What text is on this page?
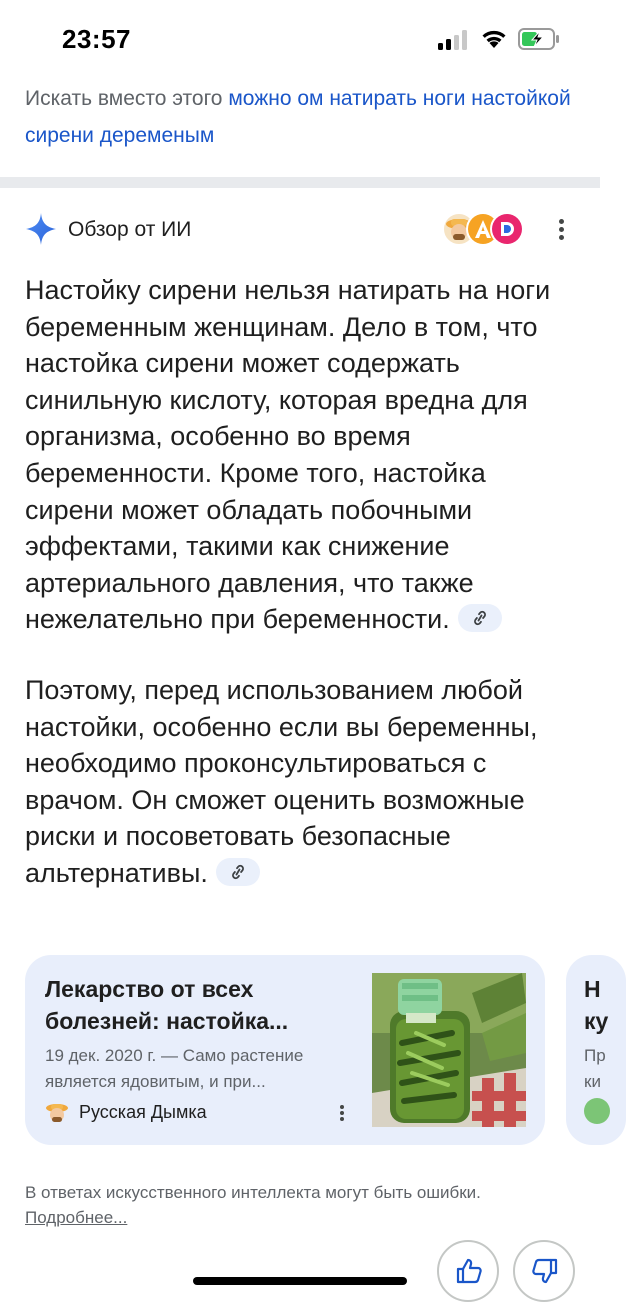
23:57
Искать вместо этого можно ом натирать ноги настойкой сирени деременым
Обзор от ИИ
Настойку сирени нельзя натирать на ноги беременным женщинам. Дело в том, что настойка сирени может содержать синильную кислоту, которая вредна для организма, особенно во время беременности. Кроме того, настойка сирени может обладать побочными эффектами, такими как снижение артериального давления, что также нежелательно при беременности.
Поэтому, перед использованием любой настойки, особенно если вы беременны, необходимо проконсультироваться с врачом. Он сможет оценить возможные риски и посоветовать безопасные альтернативы.
Лекарство от всех болезней: настойка...
19 дек. 2020 г. — Само растение является ядовитым, и при...
Русская Дымка
Н
ку
Пр
ки
В ответах искусственного интеллекта могут быть ошибки.
Подробнее...
